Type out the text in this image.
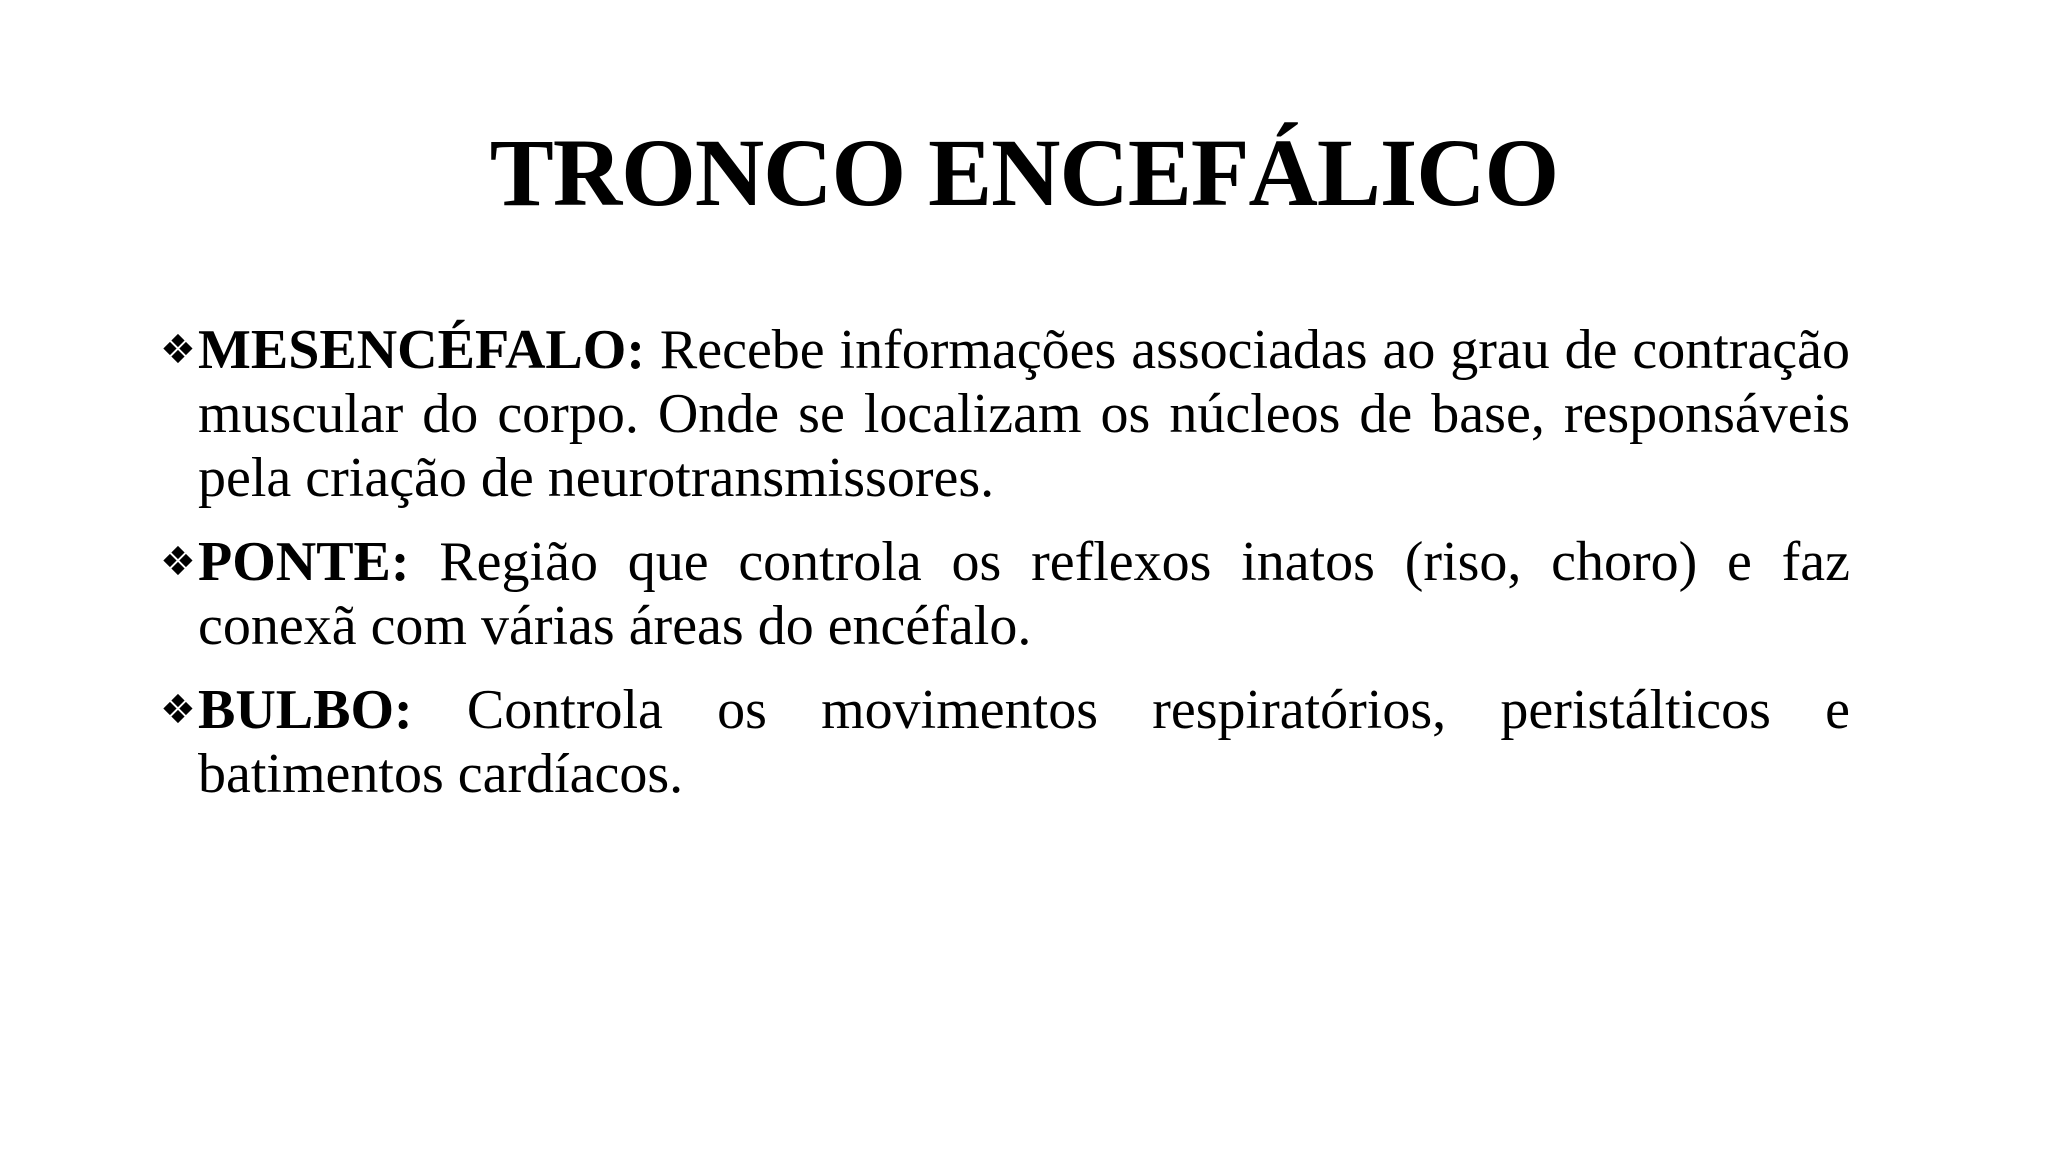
TRONCO ENCEFÁLICO
❖ MESENCÉFALO: Recebe informações associadas ao grau de contração muscular do corpo. Onde se localizam os núcleos de base, responsáveis pela criação de neurotransmissores.
❖ PONTE: Região que controla os reflexos inatos (riso, choro) e faz conexã com várias áreas do encéfalo.
❖ BULBO: Controla os movimentos respiratórios, peristálticos e batimentos cardíacos.
